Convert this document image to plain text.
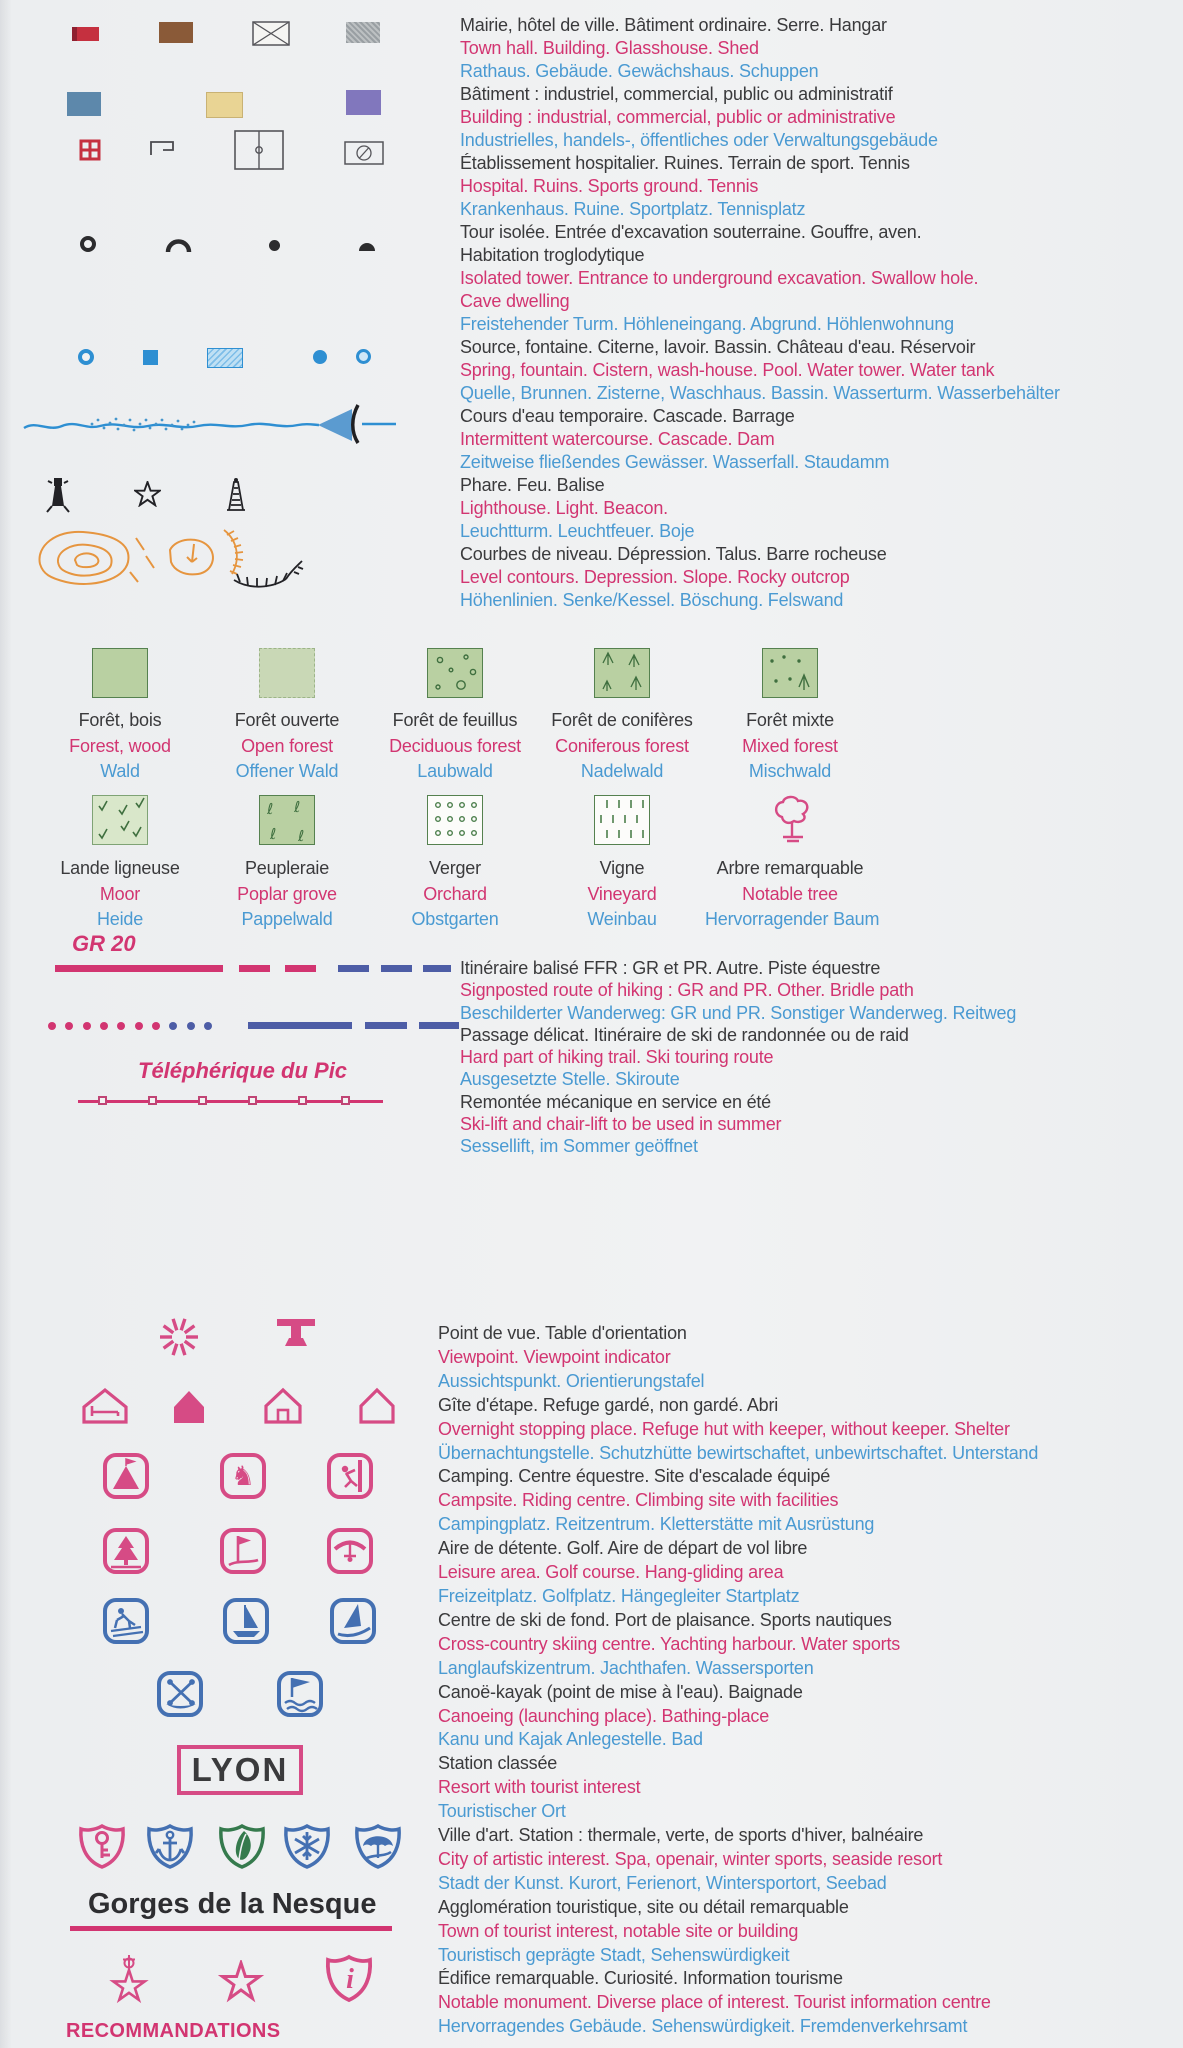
Mairie, hôtel de ville. Bâtiment ordinaire. Serre. Hangar
Town hall. Building. Glasshouse. Shed
Rathaus. Gebäude. Gewächshaus. Schuppen
Bâtiment : industriel, commercial, public ou administratif
Building : industrial, commercial, public or administrative
Industrielles, handels-, öffentliches oder Verwaltungsgebäude
Établissement hospitalier. Ruines. Terrain de sport. Tennis
Hospital. Ruins. Sports ground. Tennis
Krankenhaus. Ruine. Sportplatz. Tennisplatz
Tour isolée. Entrée d'excavation souterraine. Gouffre, aven.
Habitation troglodytique
Isolated tower. Entrance to underground excavation. Swallow hole.
Cave dwelling
Freistehender Turm. Höhleneingang. Abgrund. Höhlenwohnung
Source, fontaine. Citerne, lavoir. Bassin. Château d'eau. Réservoir
Spring, fountain. Cistern, wash-house. Pool. Water tower. Water tank
Quelle, Brunnen. Zisterne, Waschhaus. Bassin. Wasserturm. Wasserbehälter
Cours d'eau temporaire. Cascade. Barrage
Intermittent watercourse. Cascade. Dam
Zeitweise fließendes Gewässer. Wasserfall. Staudamm
Phare. Feu. Balise
Lighthouse. Light. Beacon.
Leuchtturm. Leuchtfeuer. Boje
Courbes de niveau. Dépression. Talus. Barre rocheuse
Level contours. Depression. Slope. Rocky outcrop
Höhenlinien. Senke/Kessel. Böschung. Felswand
Forêt, bois
Forest, wood
Wald
Forêt ouverte
Open forest
Offener Wald
Forêt de feuillus
Deciduous forest
Laubwald
Forêt de conifères
Coniferous forest
Nadelwald
Forêt mixte
Mixed forest
Mischwald
ℓ ℓ
ℓ ℓ
Lande ligneuse
Moor
Heide
Peupleraie
Poplar grove
Pappelwald
Verger
Orchard
Obstgarten
Vigne
Vineyard
Weinbau
Arbre remarquable
Notable tree
Hervorragender Baum
GR 20
Téléphérique du Pic
Itinéraire balisé FFR : GR et PR. Autre. Piste équestre
Signposted route of hiking : GR and PR. Other. Bridle path
Beschilderter Wanderweg: GR und PR. Sonstiger Wanderweg. Reitweg
Passage délicat. Itinéraire de ski de randonnée ou de raid
Hard part of hiking trail. Ski touring route
Ausgesetzte Stelle. Skiroute
Remontée mécanique en service en été
Ski-lift and chair-lift to be used in summer
Sessellift, im Sommer geöffnet
♞
LYON
Gorges de la Nesque
i
RECOMMANDATIONS
Point de vue. Table d'orientation
Viewpoint. Viewpoint indicator
Aussichtspunkt. Orientierungstafel
Gîte d'étape. Refuge gardé, non gardé. Abri
Overnight stopping place. Refuge hut with keeper, without keeper. Shelter
Übernachtungstelle. Schutzhütte bewirtschaftet, unbewirtschaftet. Unterstand
Camping. Centre équestre. Site d'escalade équipé
Campsite. Riding centre. Climbing site with facilities
Campingplatz. Reitzentrum. Kletterstätte mit Ausrüstung
Aire de détente. Golf. Aire de départ de vol libre
Leisure area. Golf course. Hang-gliding area
Freizeitplatz. Golfplatz. Hängegleiter Startplatz
Centre de ski de fond. Port de plaisance. Sports nautiques
Cross-country skiing centre. Yachting harbour. Water sports
Langlaufskizentrum. Jachthafen. Wassersporten
Canoë-kayak (point de mise à l'eau). Baignade
Canoeing (launching place). Bathing-place
Kanu und Kajak Anlegestelle. Bad
Station classée
Resort with tourist interest
Touristischer Ort
Ville d'art. Station : thermale, verte, de sports d'hiver, balnéaire
City of artistic interest. Spa, openair, winter sports, seaside resort
Stadt der Kunst. Kurort, Ferienort, Wintersportort, Seebad
Agglomération touristique, site ou détail remarquable
Town of tourist interest, notable site or building
Touristisch geprägte Stadt, Sehenswürdigkeit
Édifice remarquable. Curiosité. Information tourisme
Notable monument. Diverse place of interest. Tourist information centre
Hervorragendes Gebäude. Sehenswürdigkeit. Fremdenverkehrsamt
